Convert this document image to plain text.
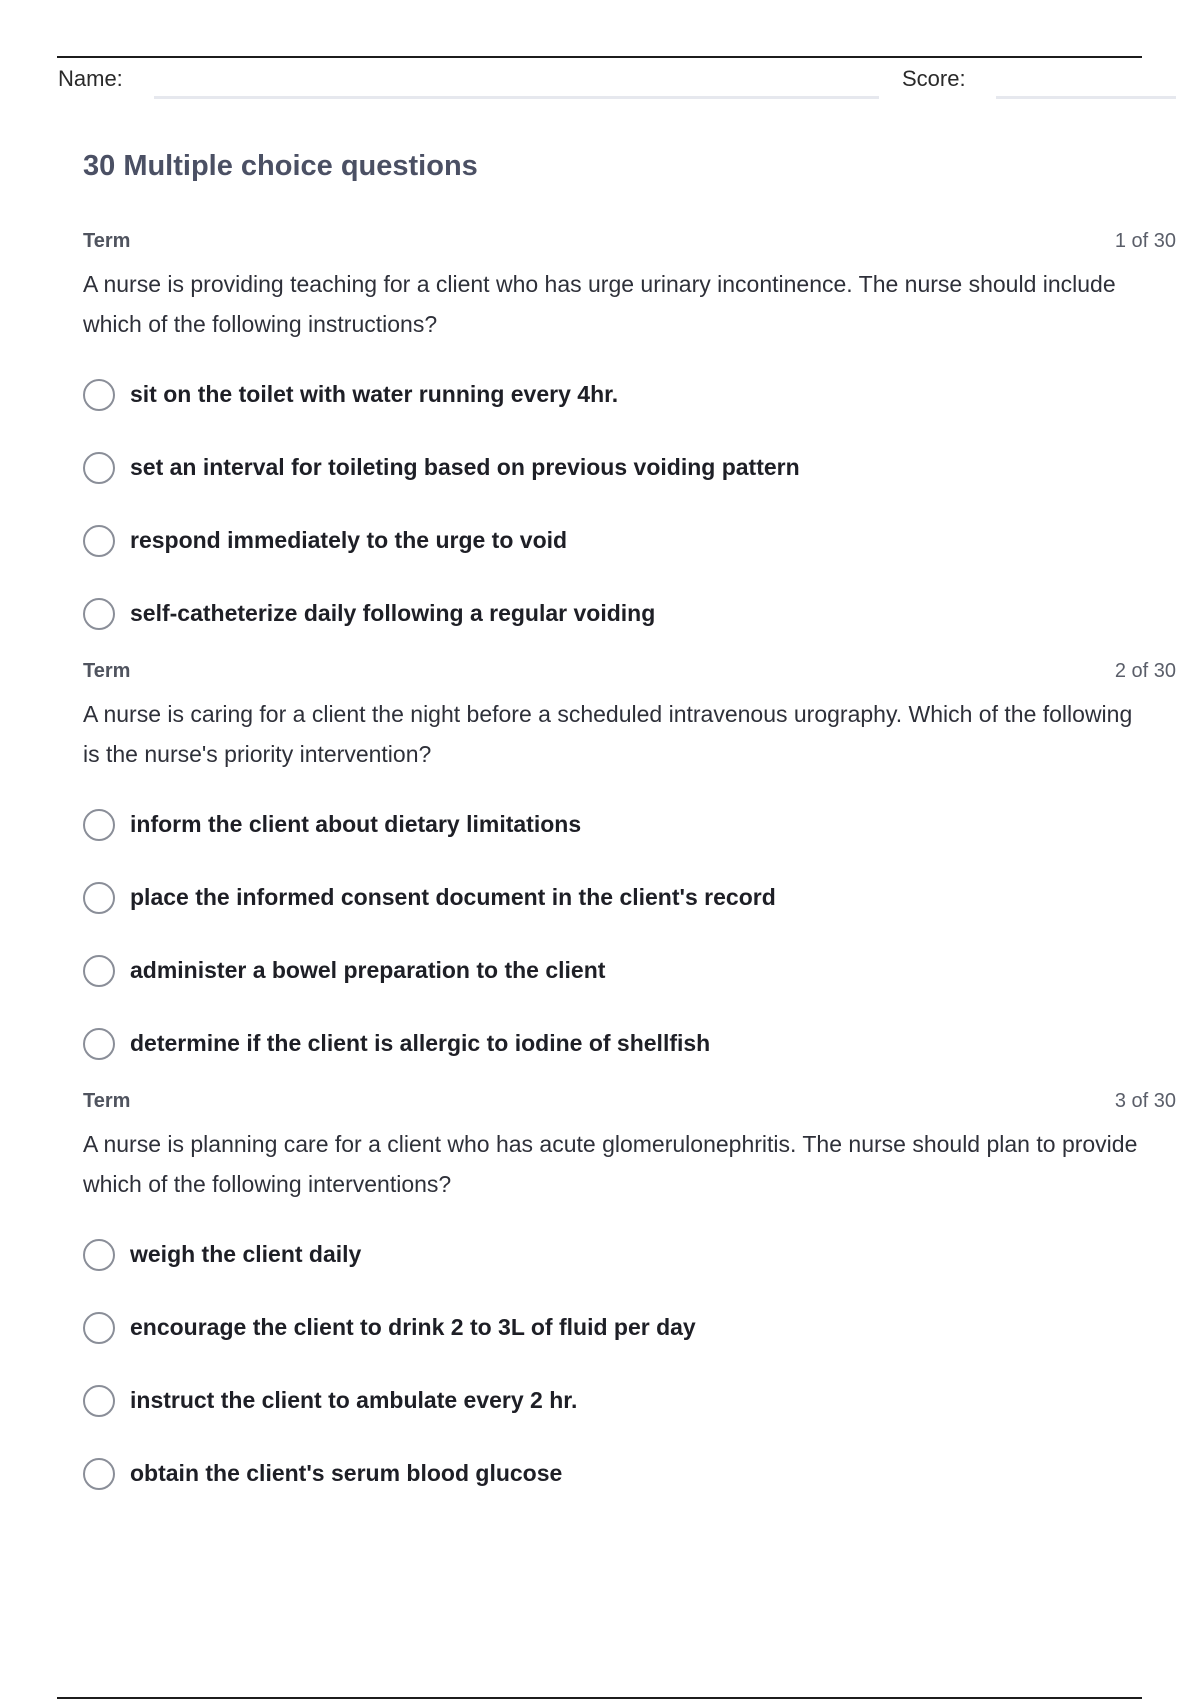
Name:	Score:
30 Multiple choice questions
Term	1 of 30

A nurse is providing teaching for a client who has urge urinary incontinence. The nurse should include which of the following instructions?

sit on the toilet with water running every 4hr.
set an interval for toileting based on previous voiding pattern
respond immediately to the urge to void
self-catheterize daily following a regular voiding
Term	2 of 30

A nurse is caring for a client the night before a scheduled intravenous urography. Which of the following is the nurse's priority intervention?

inform the client about dietary limitations
place the informed consent document in the client's record
administer a bowel preparation to the client
determine if the client is allergic to iodine of shellfish
Term	3 of 30

A nurse is planning care for a client who has acute glomerulonephritis. The nurse should plan to provide which of the following interventions?

weigh the client daily
encourage the client to drink 2 to 3L of fluid per day
instruct the client to ambulate every 2 hr.
obtain the client's serum blood glucose
